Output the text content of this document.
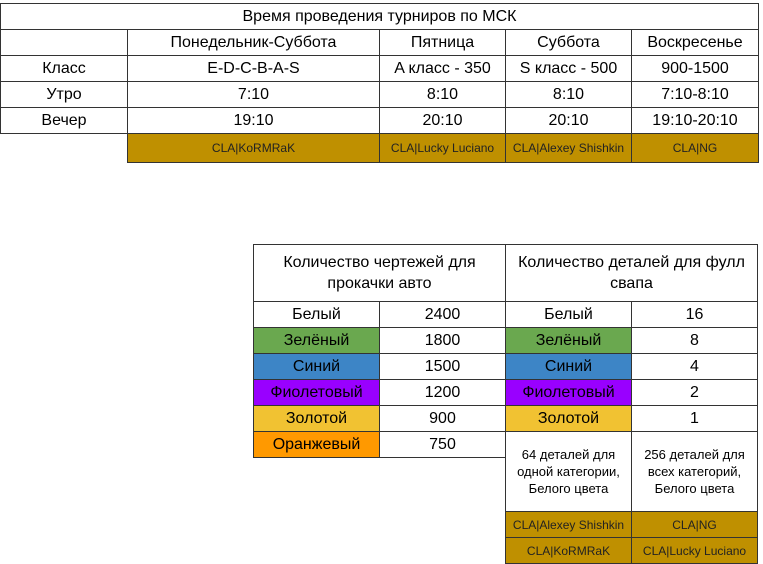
Время проведения турниров по МСК				
	Понедельник-Суббота	Пятница	Суббота	Воскресенье
Класс	E-D-C-B-A-S	A класс - 350	S класс - 500	900-1500
Утро	7:10	8:10	8:10	7:10-8:10
Вечер	19:10	20:10	20:10	19:10-20:10
	CLA|KoRMRaK	CLA|Lucky Luciano	CLA|Alexey Shishkin	CLA|NG
Количество чертежей для прокачки авто	
Белый	2400
Зелёный	1800
Синий	1500
Фиолетовый	1200
Золотой	900
Оранжевый	750
Количество деталей для фулл свапа	
Белый	16
Зелёный	8
Синий	4
Фиолетовый	2
Золотой	1
64 деталей для одной категории, Белого цвета	256 деталей для всех категорий, Белого цвета
CLA|Alexey Shishkin	CLA|NG
CLA|KoRMRaK	CLA|Lucky Luciano
